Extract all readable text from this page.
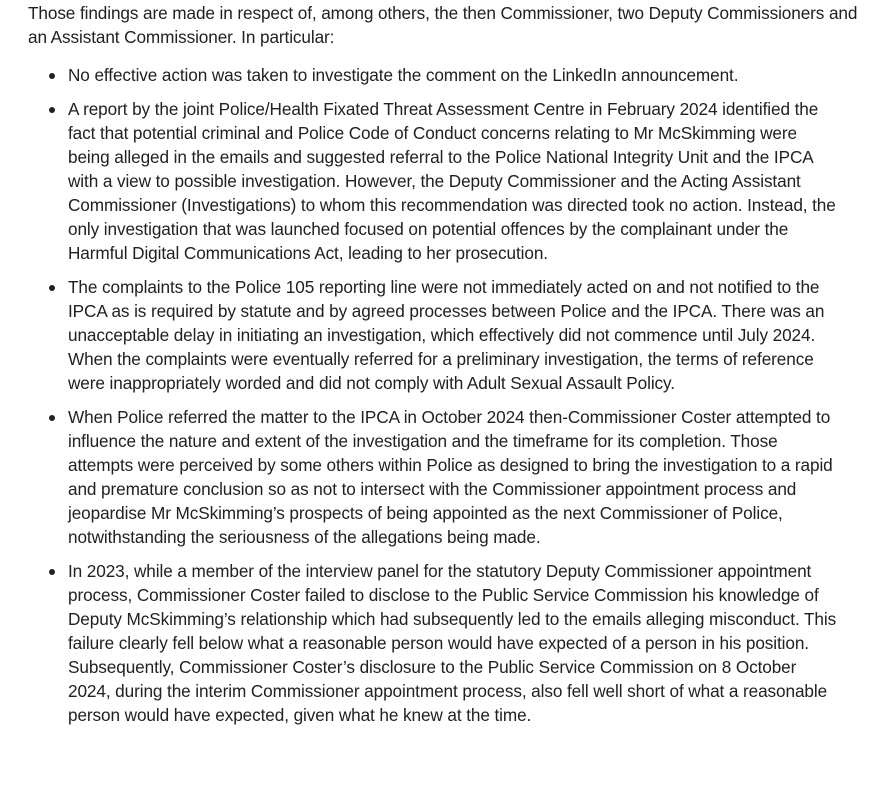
Those findings are made in respect of, among others, the then Commissioner, two Deputy Commissioners and an Assistant Commissioner. In particular:

No effective action was taken to investigate the comment on the LinkedIn announcement.
A report by the joint Police/Health Fixated Threat Assessment Centre in February 2024 identified the fact that potential criminal and Police Code of Conduct concerns relating to Mr McSkimming were being alleged in the emails and suggested referral to the Police National Integrity Unit and the IPCA with a view to possible investigation. However, the Deputy Commissioner and the Acting Assistant Commissioner (Investigations) to whom this recommendation was directed took no action. Instead, the only investigation that was launched focused on potential offences by the complainant under the Harmful Digital Communications Act, leading to her prosecution.
The complaints to the Police 105 reporting line were not immediately acted on and not notified to the IPCA as is required by statute and by agreed processes between Police and the IPCA. There was an unacceptable delay in initiating an investigation, which effectively did not commence until July 2024. When the complaints were eventually referred for a preliminary investigation, the terms of reference were inappropriately worded and did not comply with Adult Sexual Assault Policy.
When Police referred the matter to the IPCA in October 2024 then-Commissioner Coster attempted to influence the nature and extent of the investigation and the timeframe for its completion. Those attempts were perceived by some others within Police as designed to bring the investigation to a rapid and premature conclusion so as not to intersect with the Commissioner appointment process and jeopardise Mr McSkimming’s prospects of being appointed as the next Commissioner of Police, notwithstanding the seriousness of the allegations being made.
In 2023, while a member of the interview panel for the statutory Deputy Commissioner appointment process, Commissioner Coster failed to disclose to the Public Service Commission his knowledge of Deputy McSkimming’s relationship which had subsequently led to the emails alleging misconduct. This failure clearly fell below what a reasonable person would have expected of a person in his position. Subsequently, Commissioner Coster’s disclosure to the Public Service Commission on 8 October 2024, during the interim Commissioner appointment process, also fell well short of what a reasonable person would have expected, given what he knew at the time.
